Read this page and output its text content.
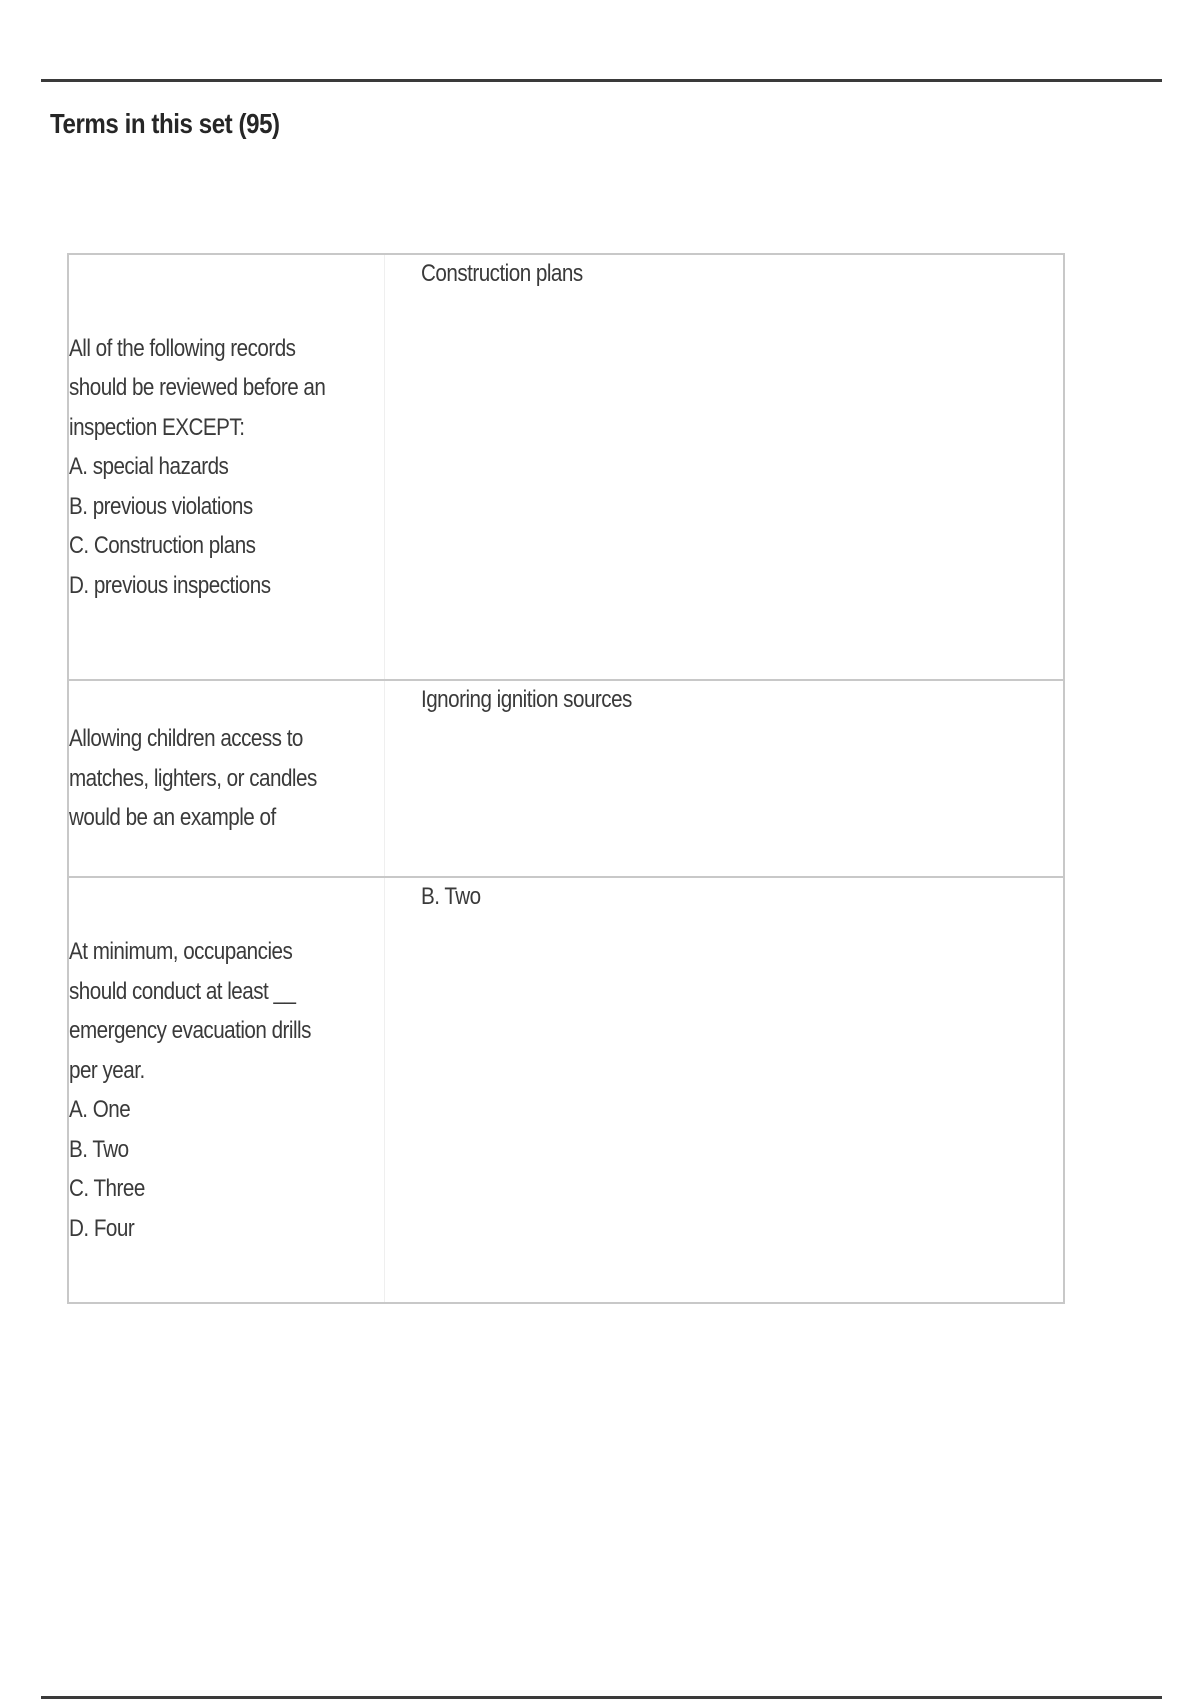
Terms in this set (95)
All of the following records should be reviewed before an inspection EXCEPT:
A. special hazards
B. previous violations
C. Construction plans
D. previous inspections
Construction plans
Allowing children access to matches, lighters, or candles would be an example of
Ignoring ignition sources
At minimum, occupancies should conduct at least __ emergency evacuation drills per year.
A. One
B. Two
C. Three
D. Four
B. Two
